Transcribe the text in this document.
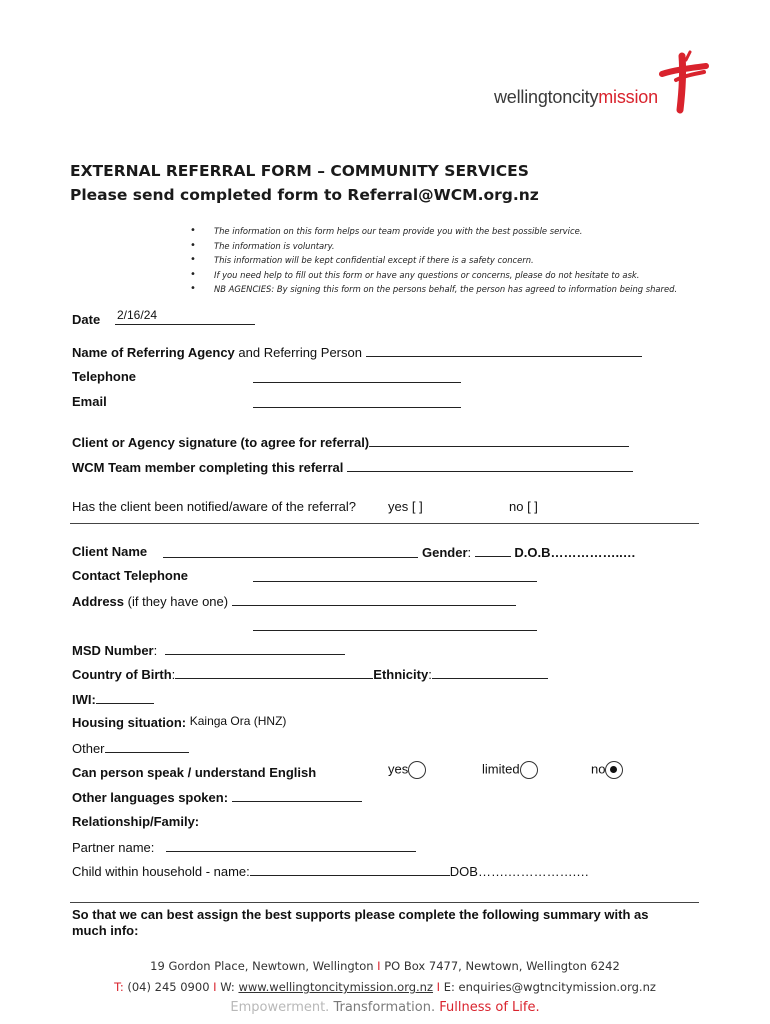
wellingtoncitymission
EXTERNAL REFERRAL FORM – COMMUNITY SERVICES
Please send completed form to Referral@WCM.org.nz
• The information on this form helps our team provide you with the best possible service.
• The information is voluntary.
• This information will be kept confidential except if there is a safety concern.
• If you need help to fill out this form or have any questions or concerns, please do not hesitate to ask.
• NB AGENCIES: By signing this form on the persons behalf, the person has agreed to information being shared.
Date 2/16/24
Name of Referring Agency and Referring Person
Telephone
Email
Client or Agency signature (to agree for referral)
WCM Team member completing this referral
Has the client been notified/aware of the referral? yes [ ]	no [ ]
Client Name	Gender:	D.O.B……………..…
Contact Telephone
Address (if they have one)
MSD Number:
Country of Birth:	Ethnicity:
IWI:
Housing situation: Kainga Ora (HNZ)
Other
Can person speak / understand English	yes	limited	no
Other languages spoken:
Relationship/Family:
Partner name:
Child within household - name:	DOB…….…………….…
So that we can best assign the best supports please complete the following summary with as
much info:
19 Gordon Place, Newtown, Wellington I PO Box 7477, Newtown, Wellington 6242
T: (04) 245 0900 I W: www.wellingtoncitymission.org.nz I E: enquiries@wgtncitymission.org.nz
Empowerment. Transformation. Fullness of Life.
